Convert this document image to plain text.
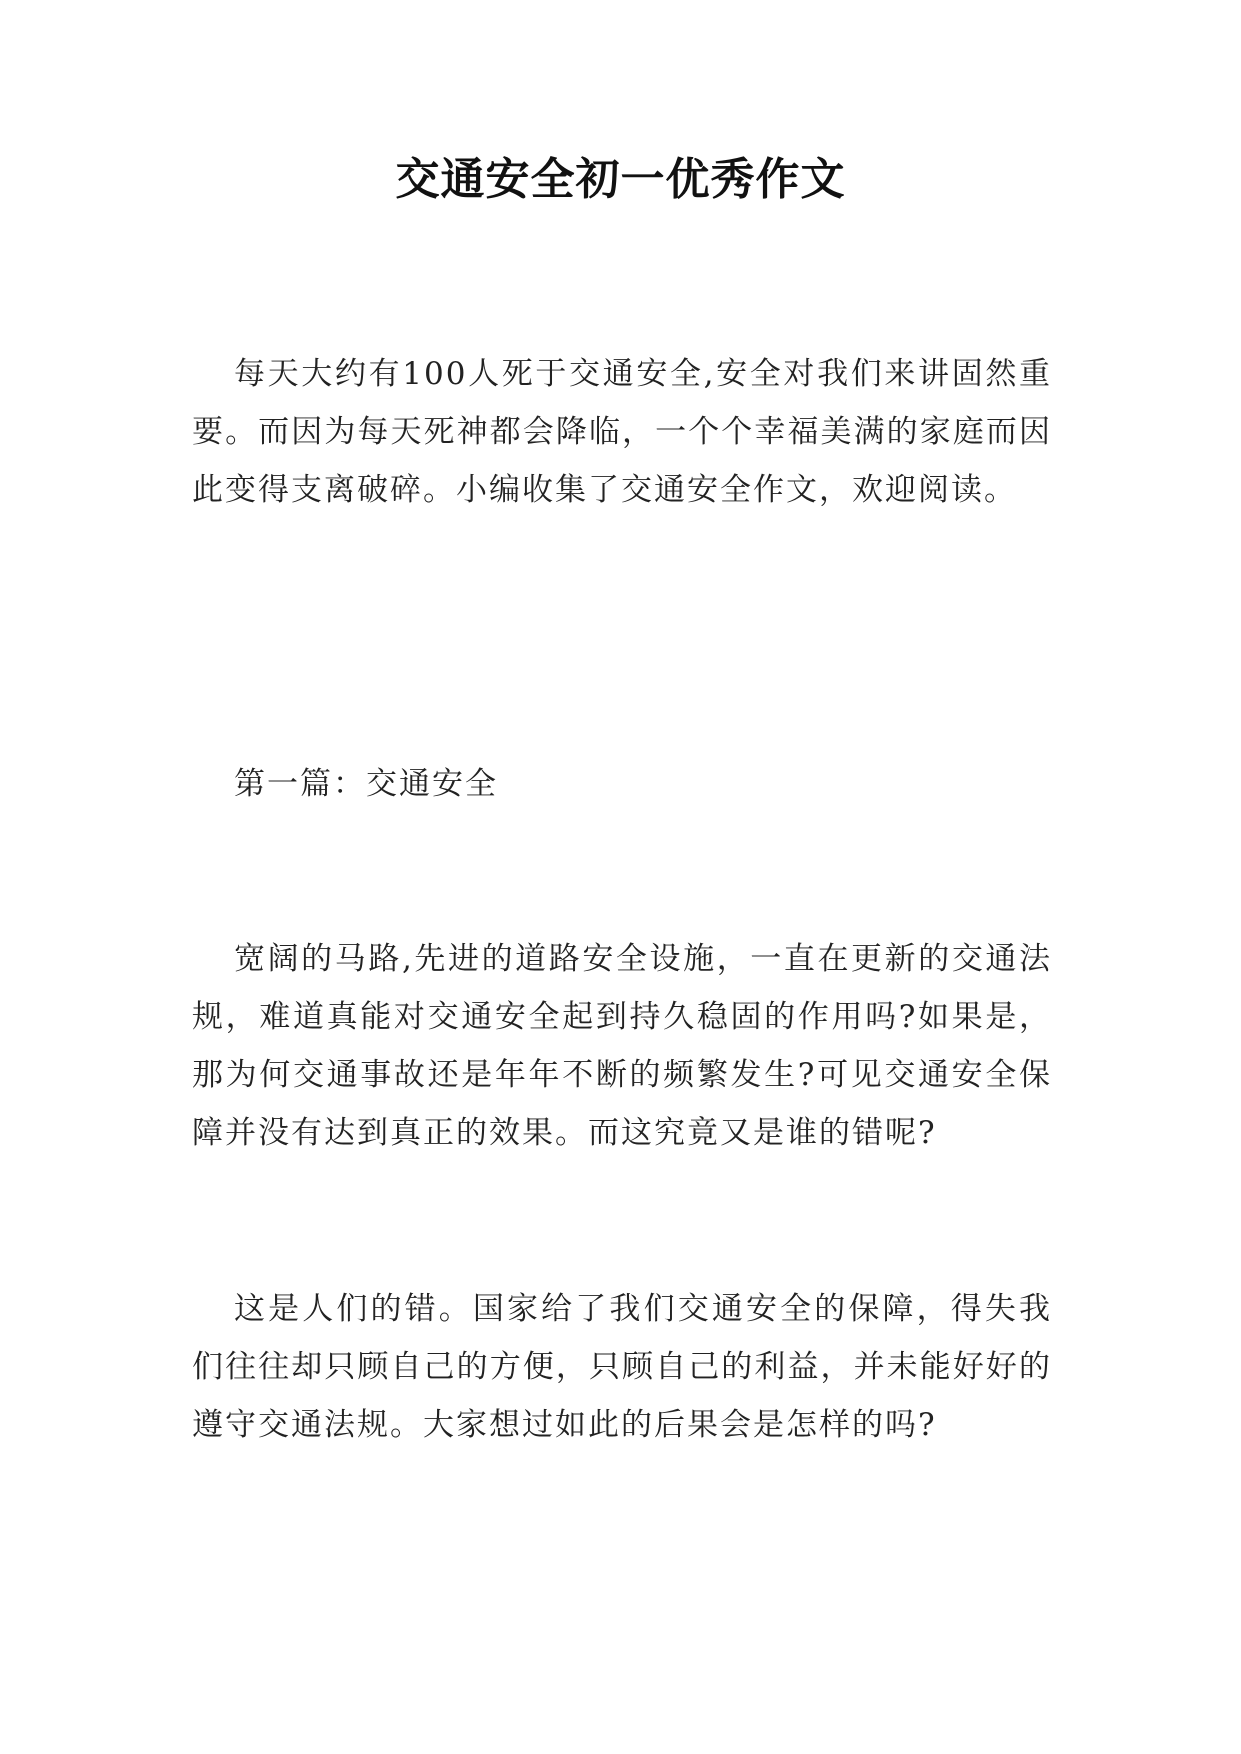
交通安全初一优秀作文

每天大约有100人死于交通安全,安全对我们来讲固然重要。而因为每天死神都会降临，一个个幸福美满的家庭而因此变得支离破碎。小编收集了交通安全作文，欢迎阅读。

第一篇：交通安全

宽阔的马路,先进的道路安全设施，一直在更新的交通法规，难道真能对交通安全起到持久稳固的作用吗?如果是，那为何交通事故还是年年不断的频繁发生?可见交通安全保障并没有达到真正的效果。而这究竟又是谁的错呢?

这是人们的错。国家给了我们交通安全的保障，得失我们往往却只顾自己的方便，只顾自己的利益，并未能好好的遵守交通法规。大家想过如此的后果会是怎样的吗?
